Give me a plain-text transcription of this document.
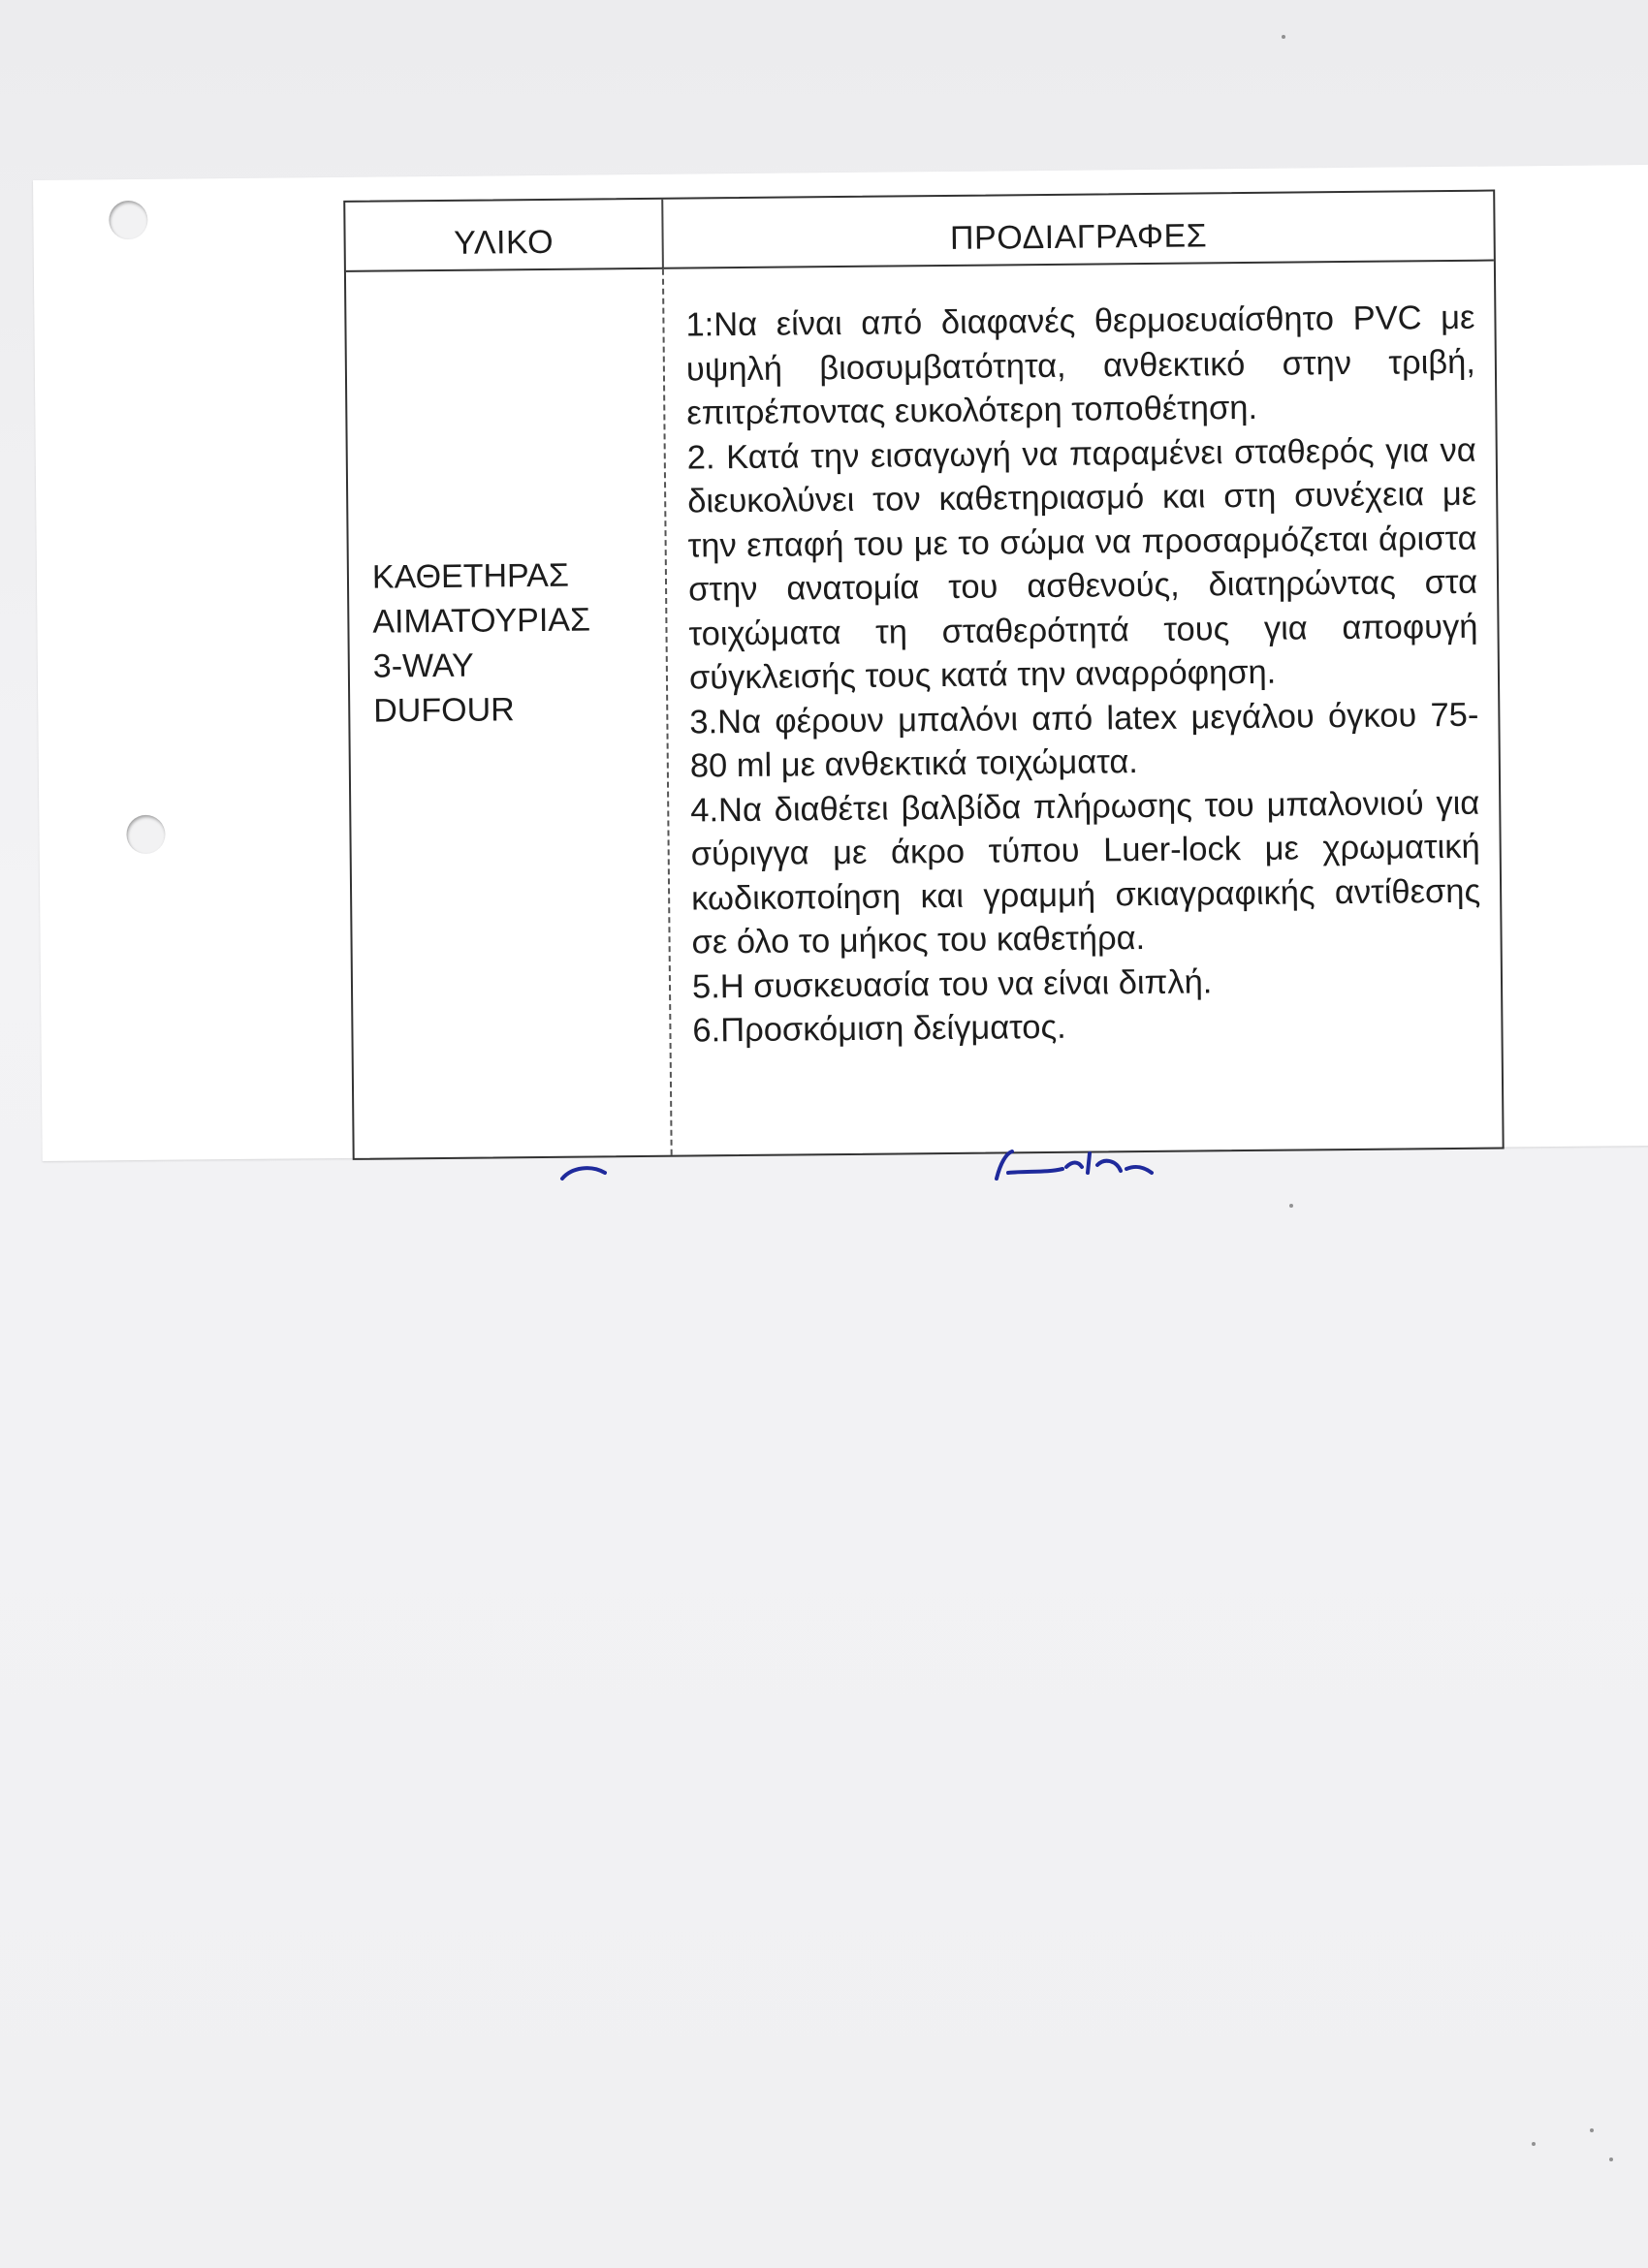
ΥΛΙΚΟ	ΠΡΟΔΙΑΓΡΑΦΕΣ
ΚΑΘΕΤΗΡΑΣ
ΑΙΜΑΤΟΥΡΙΑΣ
3-WAY
DUFOUR

1:Να είναι από διαφανές θερμοευαίσθητο PVC με υψηλή βιοσυμβατότητα, ανθεκτικό στην τριβή, επιτρέποντας ευκολότερη τοποθέτηση.

2. Κατά την εισαγωγή να παραμένει σταθερός για να διευκολύνει τον καθετηριασμό και στη συνέχεια με την επαφή του με το σώμα να προσαρμόζεται άριστα στην ανατομία του ασθενούς, διατηρώντας στα τοιχώματα τη σταθερότητά τους για αποφυγή σύγκλεισής τους κατά την αναρρόφηση.

3.Να φέρουν μπαλόνι από latex μεγάλου όγκου 75-80 ml με ανθεκτικά τοιχώματα.

4.Να διαθέτει βαλβίδα πλήρωσης του μπαλονιού για σύριγγα με άκρο τύπου Luer-lock με χρωματική κωδικοποίηση και γραμμή σκιαγραφικής αντίθεσης σε όλο το μήκος του καθετήρα.

5.Η συσκευασία του να είναι διπλή.

6.Προσκόμιση δείγματος.
